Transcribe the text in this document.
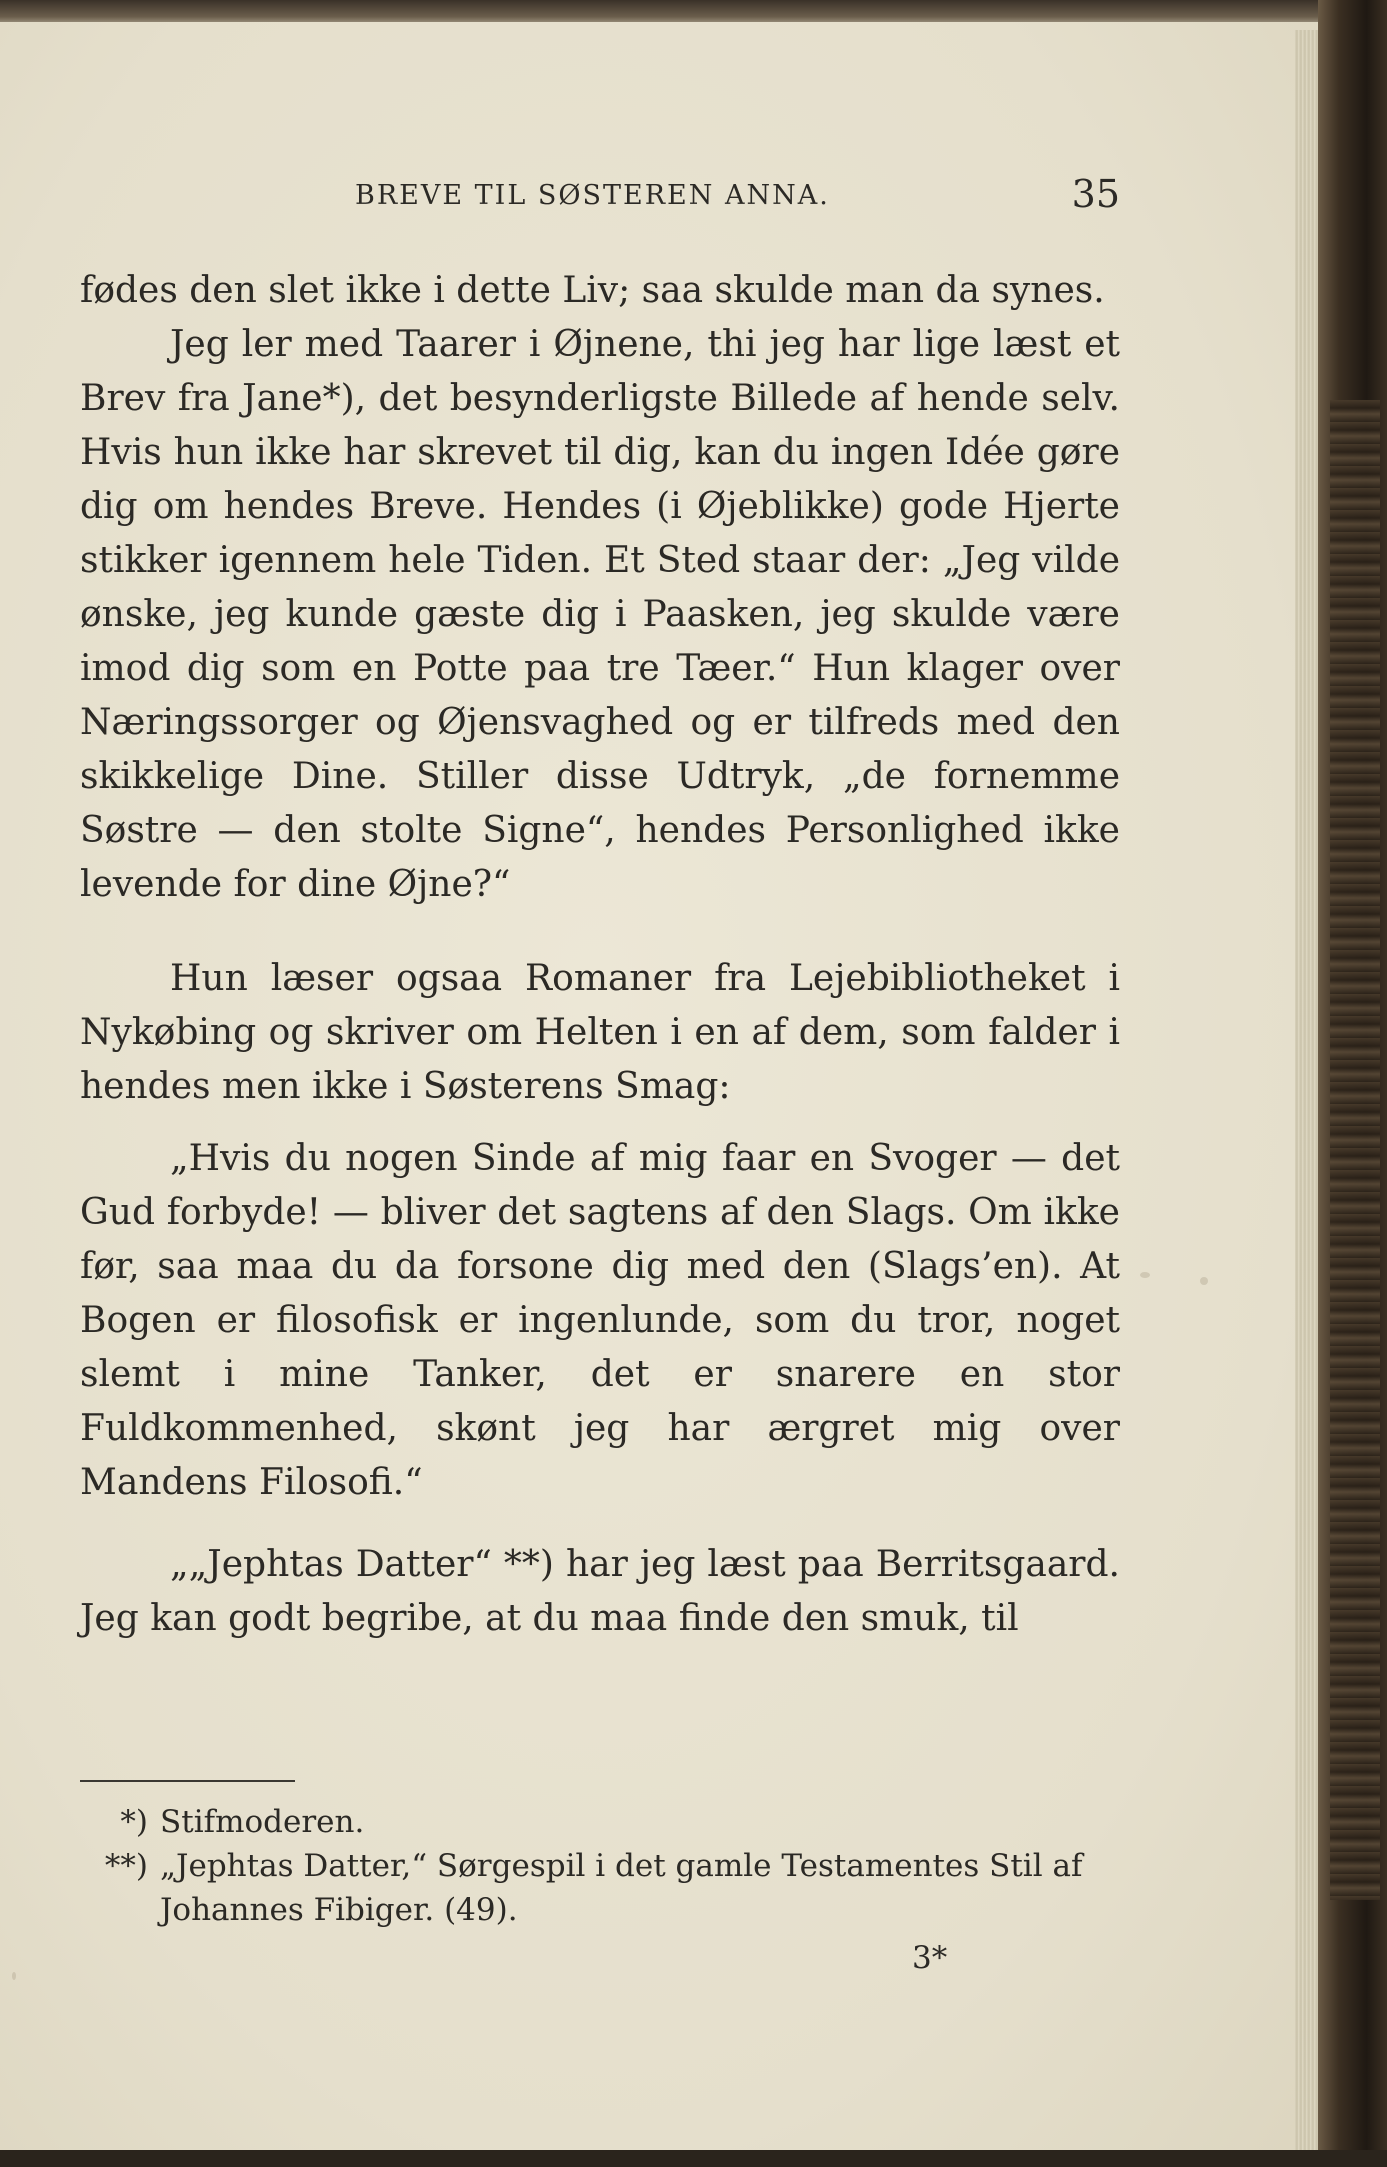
BREVE TIL SØSTEREN ANNA.	35

fødes den slet ikke i dette Liv; saa skulde man da synes.

Jeg ler med Taarer i Øjnene, thi jeg har lige læst et Brev fra Jane*), det besynderligste Billede af hende selv. Hvis hun ikke har skrevet til dig, kan du ingen Idée gøre dig om hendes Breve. Hendes (i Øjeblikke) gode Hjerte stikker igennem hele Tiden. Et Sted staar der: „Jeg vilde ønske, jeg kunde gæste dig i Paasken, jeg skulde være imod dig som en Potte paa tre Tæer.“ Hun klager over Næringssorger og Øjensvaghed og er tilfreds med den skikkelige Dine. Stiller disse Udtryk, „de fornemme Søstre — den stolte Signe“, hendes Personlighed ikke levende for dine Øjne?“

Hun læser ogsaa Romaner fra Lejebibliotheket i Nykøbing og skriver om Helten i en af dem, som falder i hendes men ikke i Søsterens Smag:

„Hvis du nogen Sinde af mig faar en Svoger — det Gud forbyde! — bliver det sagtens af den Slags. Om ikke før, saa maa du da forsone dig med den (Slags’en). At Bogen er filosofisk er ingenlunde, som du tror, noget slemt i mine Tanker, det er snarere en stor Fuldkommenhed, skønt jeg har ærgret mig over Mandens Filosofi.“

„„Jephtas Datter“ **) har jeg læst paa Berritsgaard. Jeg kan godt begribe, at du maa finde den smuk, til

*) Stifmoderen.

**) „Jephtas Datter,“ Sørgespil i det gamle Testamentes Stil af Johannes Fibiger. (49).

3*
